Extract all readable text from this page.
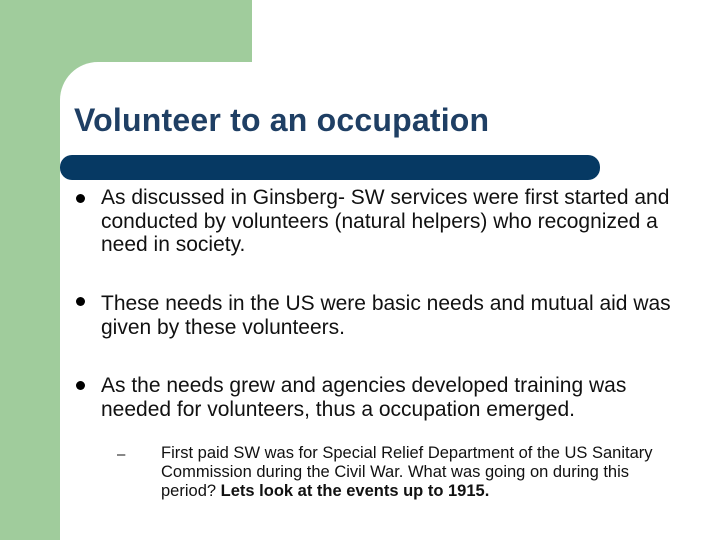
Volunteer to an occupation
As discussed in Ginsberg- SW services were first started and conducted by volunteers (natural helpers) who recognized a need in society.
These needs in the US were basic needs and mutual aid was given by these volunteers.
As the needs grew and agencies developed training was needed for volunteers, thus a occupation emerged.
– First paid SW was for Special Relief Department of the US Sanitary Commission during the Civil War. What was going on during this period? Lets look at the events up to 1915.
